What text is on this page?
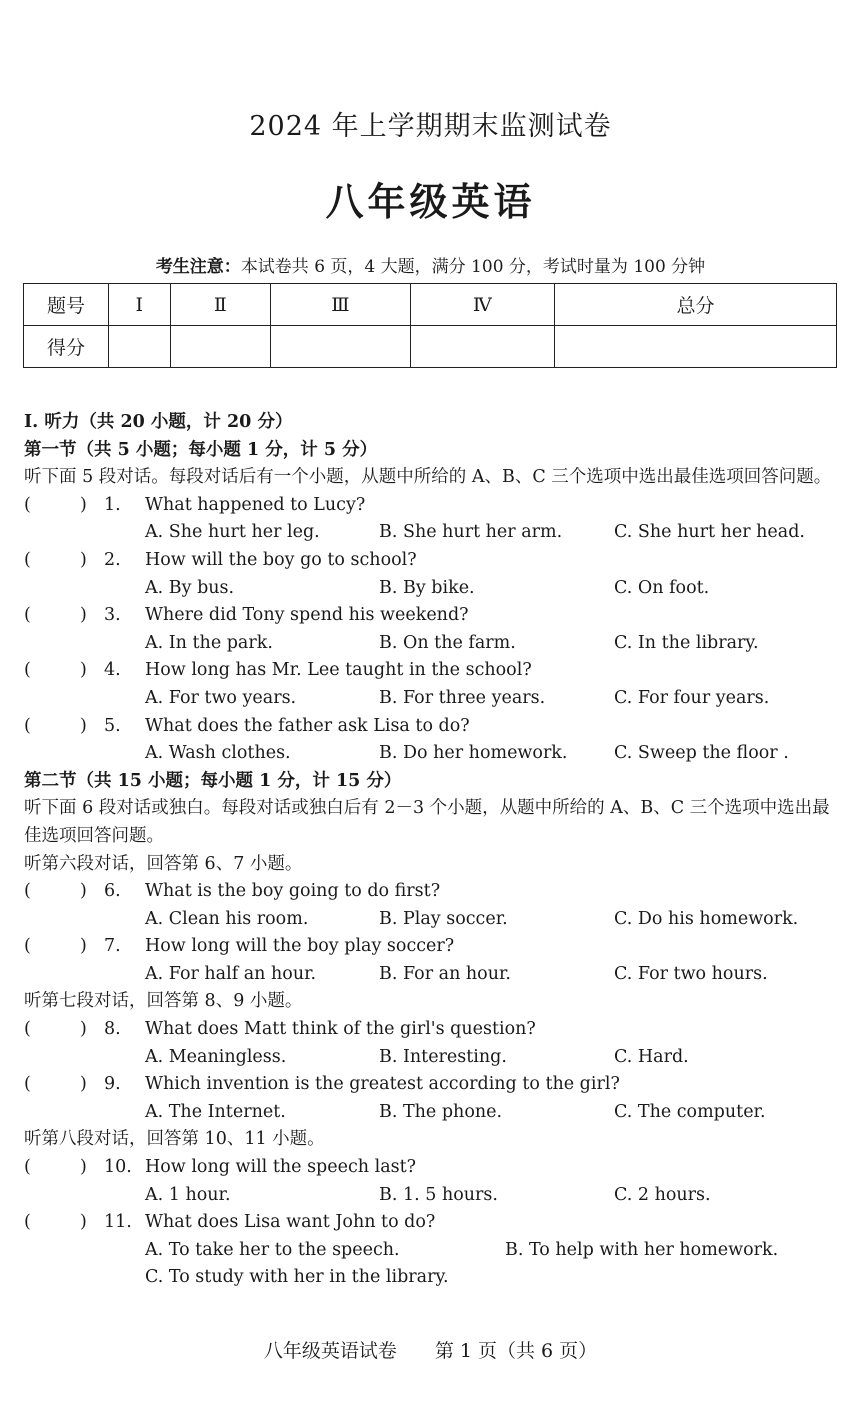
2024 年上学期期末监测试卷
八年级英语
考生注意：本试卷共 6 页，4 大题，满分 100 分，考试时量为 100 分钟
题号	Ⅰ	Ⅱ	Ⅲ	Ⅳ	总分
得分					
Ⅰ. 听力（共 20 小题，计 20 分）
第一节（共 5 小题；每小题 1 分，计 5 分）
听下面 5 段对话。每段对话后有一个小题，从题中所给的 A、B、C 三个选项中选出最佳选项回答问题。
(	) 1. What happened to Lucy?
A. She hurt her leg.	B. She hurt her arm.	C. She hurt her head.
(	) 2. How will the boy go to school?
A. By bus.	B. By bike.	C. On foot.
(	) 3. Where did Tony spend his weekend?
A. In the park.	B. On the farm.	C. In the library.
(	) 4. How long has Mr. Lee taught in the school?
A. For two years.	B. For three years.	C. For four years.
(	) 5. What does the father ask Lisa to do?
A. Wash clothes.	B. Do her homework.	C. Sweep the floor .
第二节（共 15 小题；每小题 1 分，计 15 分）
听下面 6 段对话或独白。每段对话或独白后有 2－3 个小题，从题中所给的 A、B、C 三个选项中选出最佳选项回答问题。
听第六段对话，回答第 6、7 小题。
(	) 6. What is the boy going to do first?
A. Clean his room.	B. Play soccer.	C. Do his homework.
(	) 7. How long will the boy play soccer?
A. For half an hour.	B. For an hour.	C. For two hours.
听第七段对话，回答第 8、9 小题。
(	) 8. What does Matt think of the girl's question?
A. Meaningless.	B. Interesting.	C. Hard.
(	) 9. Which invention is the greatest according to the girl?
A. The Internet.	B. The phone.	C. The computer.
听第八段对话，回答第 10、11 小题。
(	) 10. How long will the speech last?
A. 1 hour.	B. 1. 5 hours.	C. 2 hours.
(	) 11. What does Lisa want John to do?
A. To take her to the speech.	B. To help with her homework.
C. To study with her in the library.
八年级英语试卷　　第 1 页（共 6 页）
